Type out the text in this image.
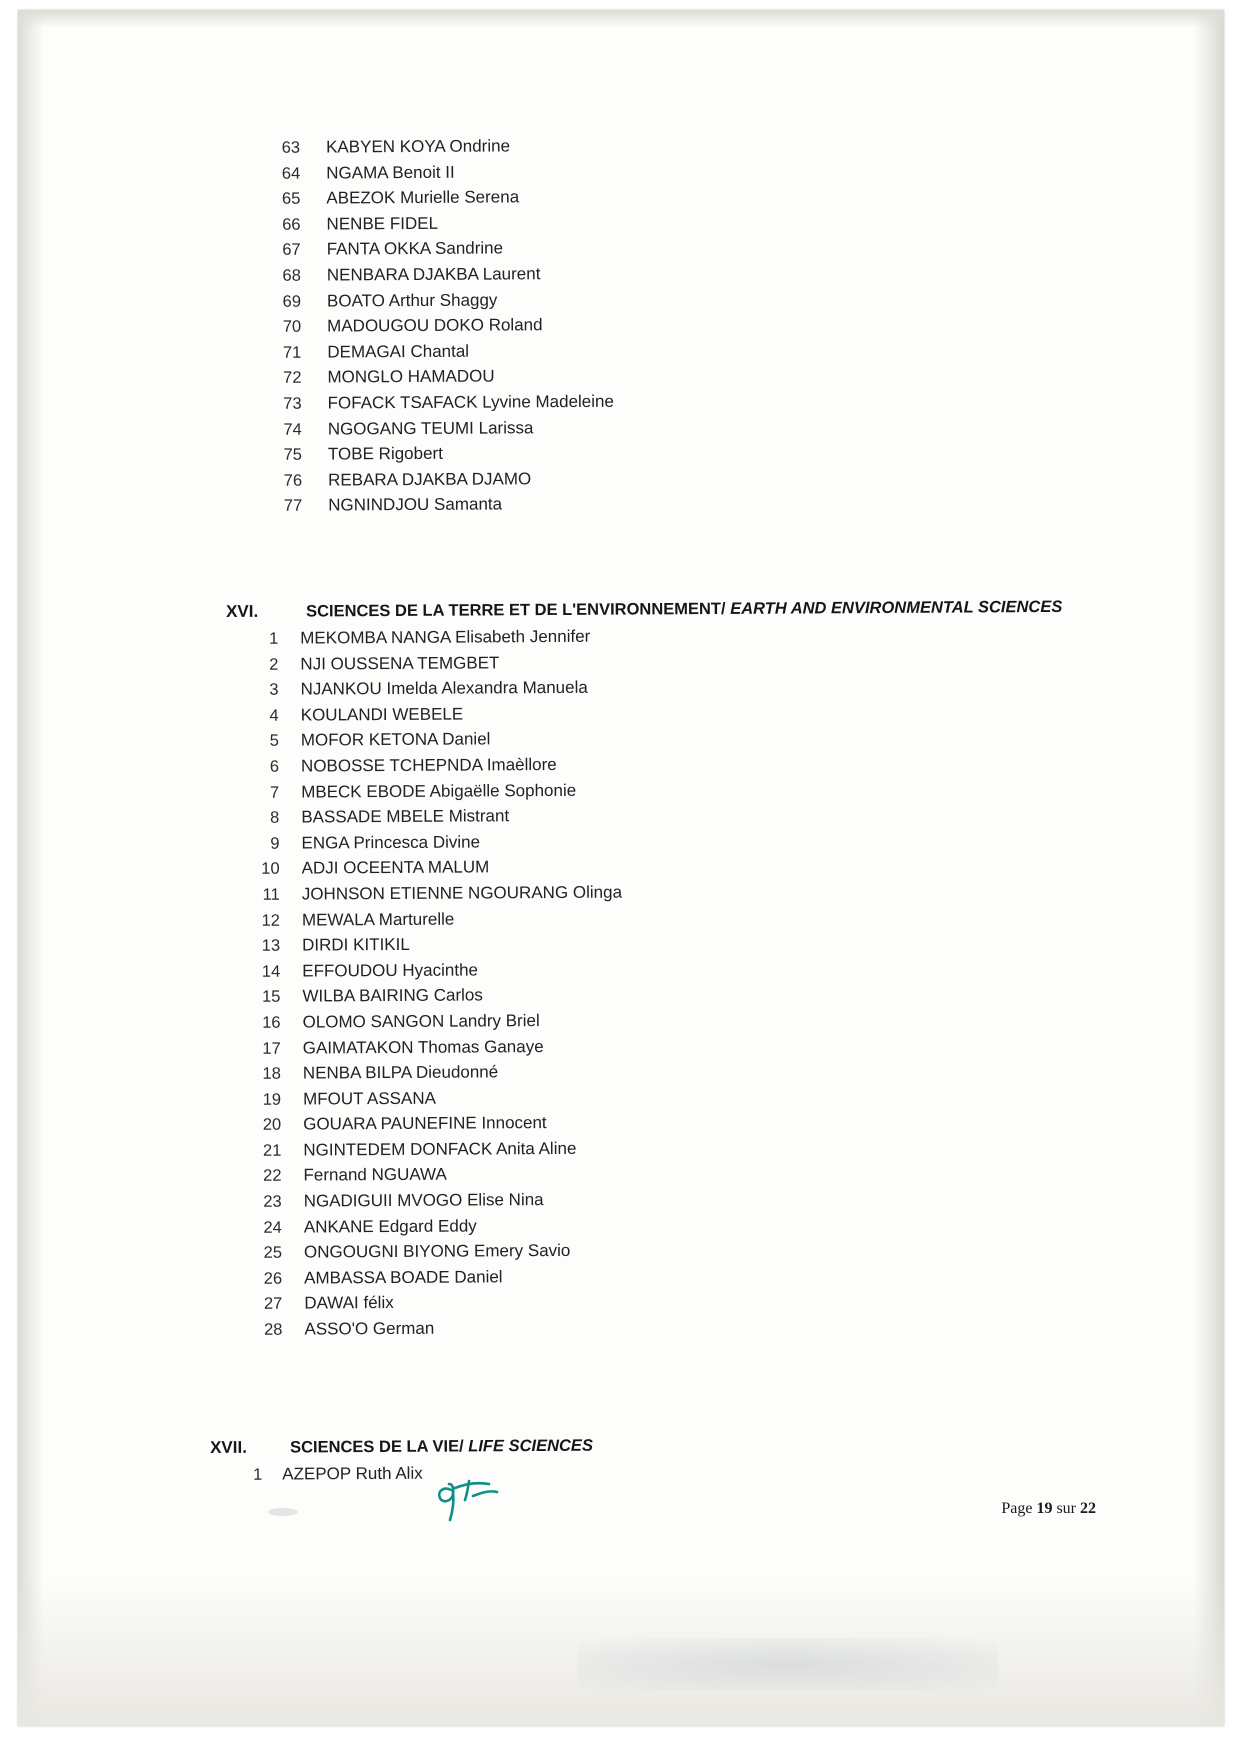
63 KABYEN KOYA Ondrine
64 NGAMA Benoit II
65 ABEZOK Murielle Serena
66 NENBE FIDEL
67 FANTA OKKA Sandrine
68 NENBARA DJAKBA Laurent
69 BOATO Arthur Shaggy
70 MADOUGOU DOKO Roland
71 DEMAGAI Chantal
72 MONGLO HAMADOU
73 FOFACK TSAFACK Lyvine Madeleine
74 NGOGANG TEUMI Larissa
75 TOBE Rigobert
76 REBARA DJAKBA DJAMO
77 NGNINDJOU Samanta
XVI.	SCIENCES DE LA TERRE ET DE L'ENVIRONNEMENT/ EARTH AND ENVIRONMENTAL SCIENCES
1 MEKOMBA NANGA Elisabeth Jennifer
2 NJI OUSSENA TEMGBET
3 NJANKOU Imelda Alexandra Manuela
4 KOULANDI WEBELE
5 MOFOR KETONA Daniel
6 NOBOSSE TCHEPNDA Imaèllore
7 MBECK EBODE Abigaëlle Sophonie
8 BASSADE MBELE Mistrant
9 ENGA Princesca Divine
10 ADJI OCEENTA MALUM
11 JOHNSON ETIENNE NGOURANG Olinga
12 MEWALA Marturelle
13 DIRDI KITIKIL
14 EFFOUDOU Hyacinthe
15 WILBA BAIRING Carlos
16 OLOMO SANGON Landry Briel
17 GAIMATAKON Thomas Ganaye
18 NENBA BILPA Dieudonné
19 MFOUT ASSANA
20 GOUARA PAUNEFINE Innocent
21 NGINTEDEM DONFACK Anita Aline
22 Fernand NGUAWA
23 NGADIGUII MVOGO Elise Nina
24 ANKANE Edgard Eddy
25 ONGOUGNI BIYONG Emery Savio
26 AMBASSA BOADE Daniel
27 DAWAI félix
28 ASSO'O German
XVII.	SCIENCES DE LA VIE/ LIFE SCIENCES
1 AZEPOP Ruth Alix
Page 19 sur 22
